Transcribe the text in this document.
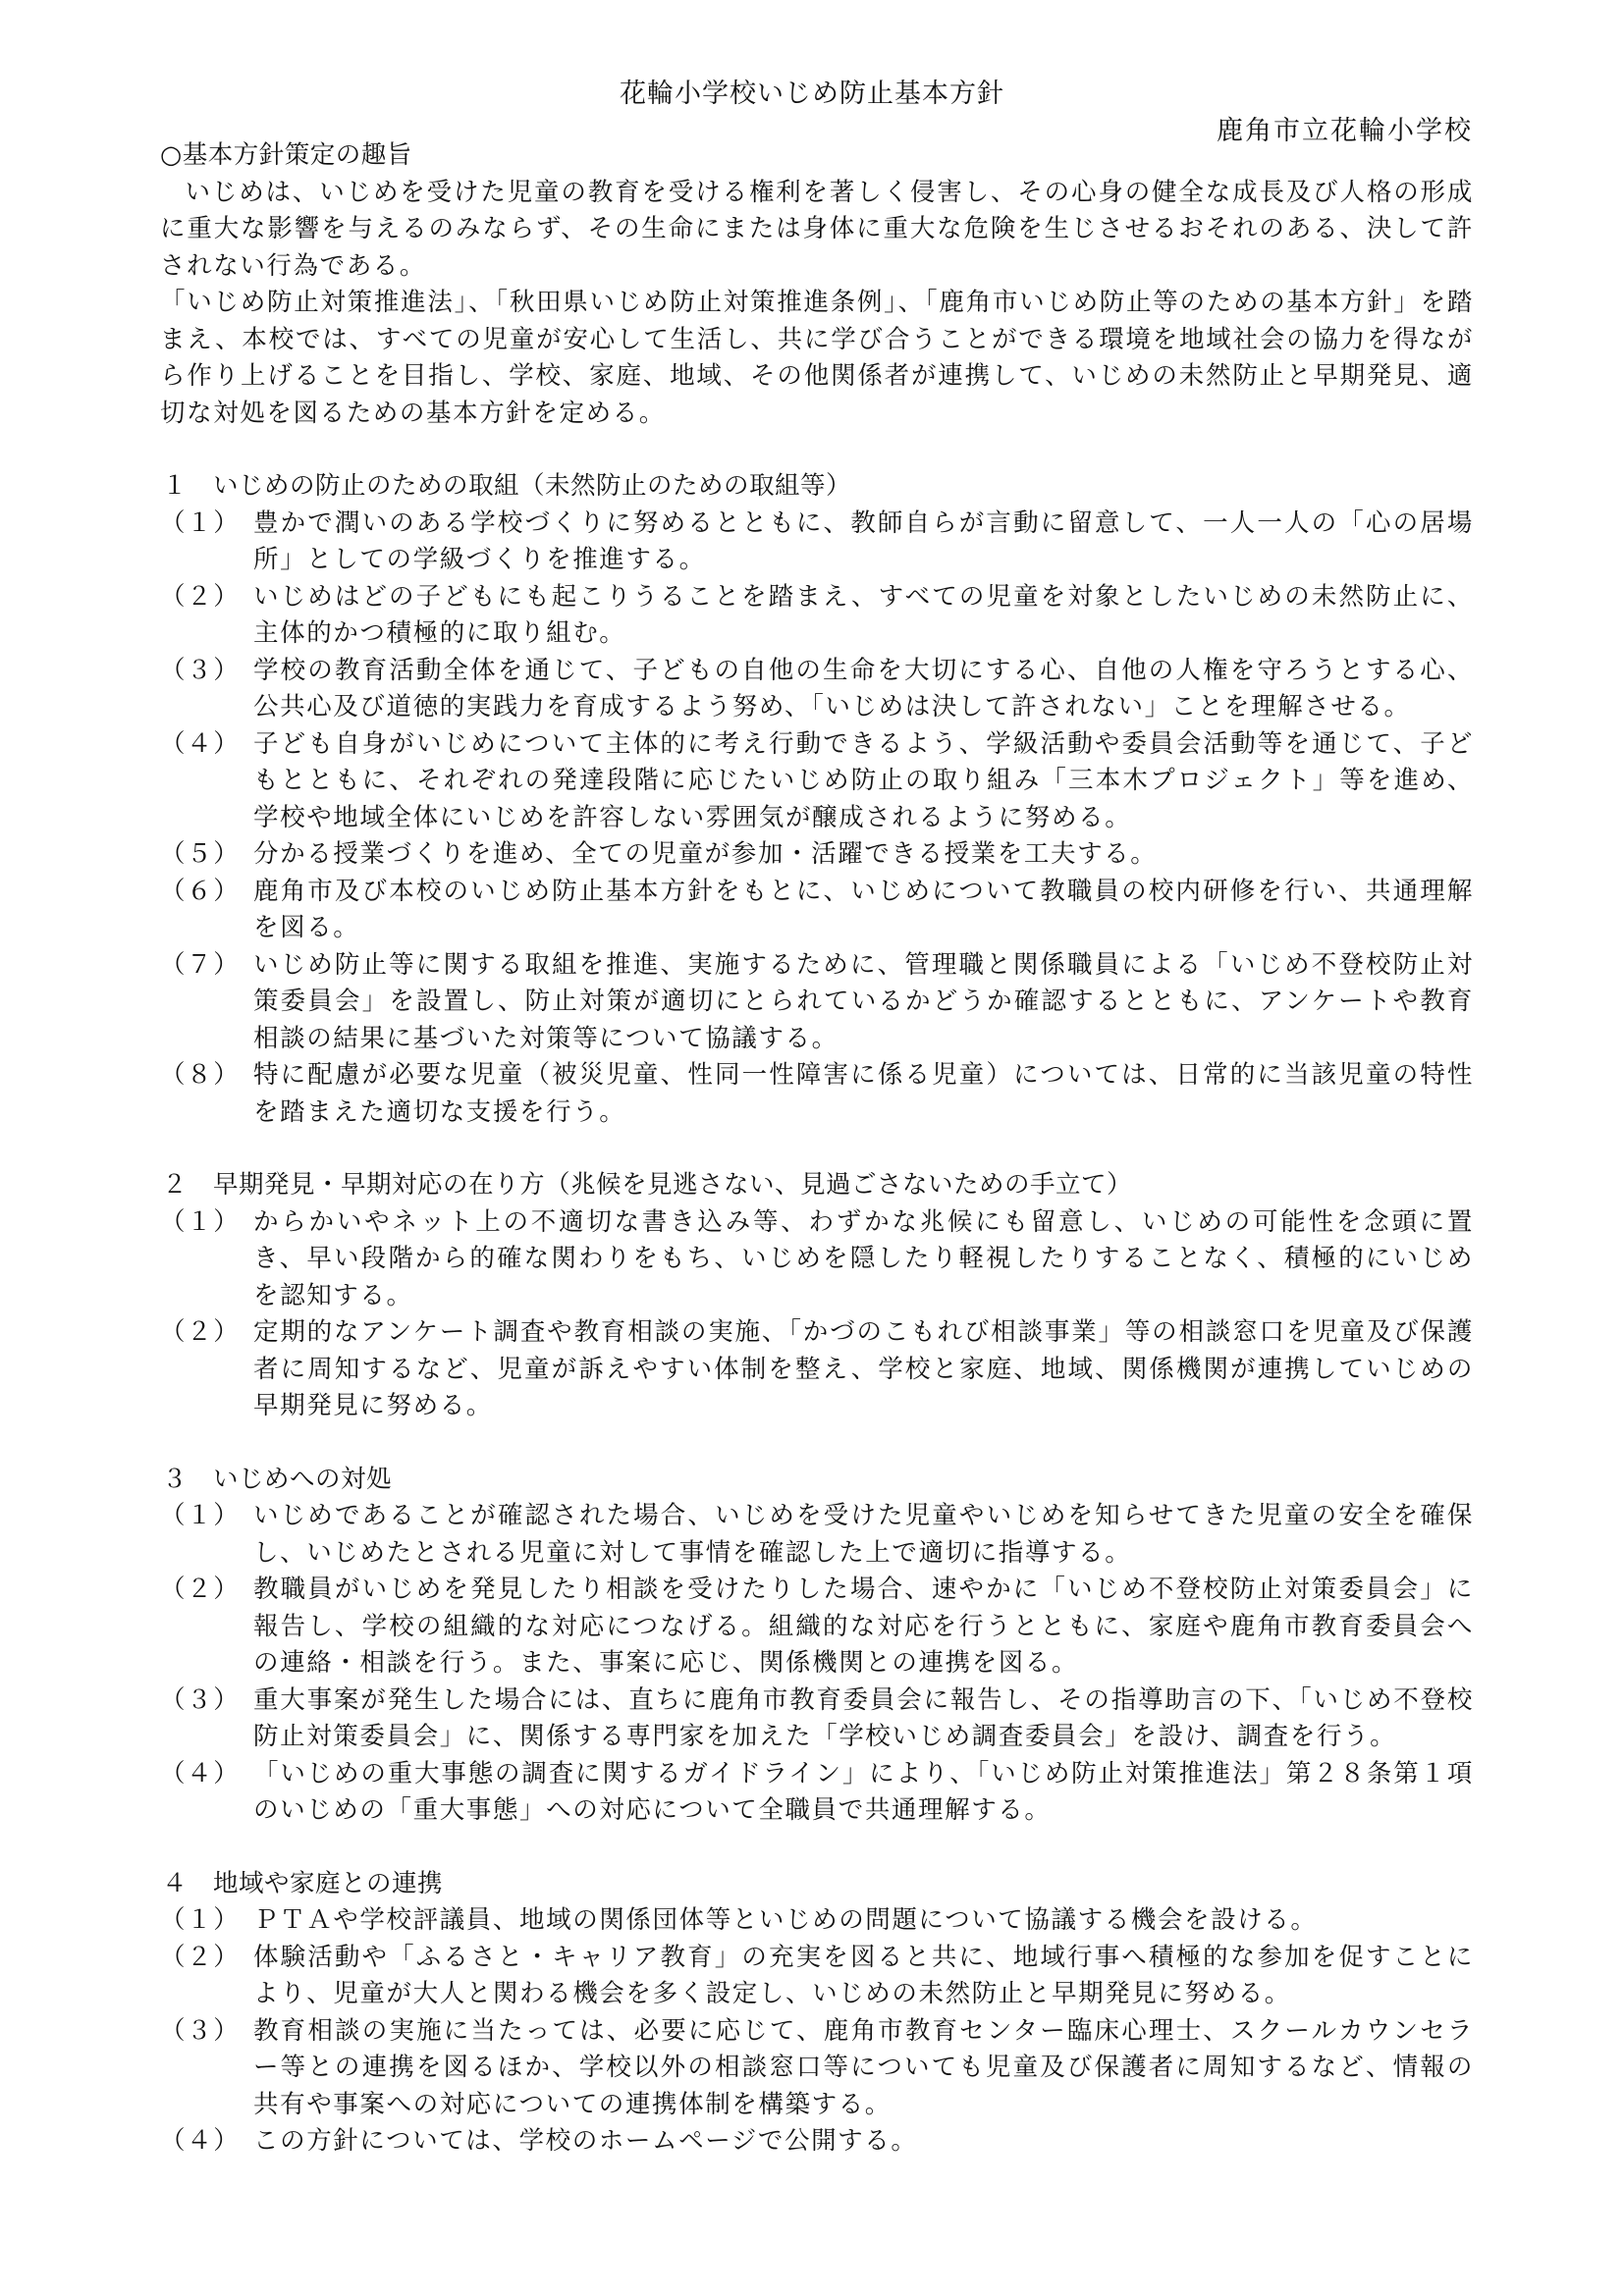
花輪小学校いじめ防止基本方針
鹿角市立花輪小学校

○基本方針策定の趣旨

いじめは、いじめを受けた児童の教育を受ける権利を著しく侵害し、その心身の健全な成長及び人格の形成に重大な影響を与えるのみならず、その生命にまたは身体に重大な危険を生じさせるおそれのある、決して許されない行為である。

「いじめ防止対策推進法」、「秋田県いじめ防止対策推進条例」、「鹿角市いじめ防止等のための基本方針」を踏まえ、本校では、すべての児童が安心して生活し、共に学び合うことができる環境を地域社会の協力を得ながら作り上げることを目指し、学校、家庭、地域、その他関係者が連携して、いじめの未然防止と早期発見、適切な対処を図るための基本方針を定める。

１　いじめの防止のための取組（未然防止のための取組等）

（１） 豊かで潤いのある学校づくりに努めるとともに、教師自らが言動に留意して、一人一人の「心の居場所」としての学級づくりを推進する。
（２） いじめはどの子どもにも起こりうることを踏まえ、すべての児童を対象としたいじめの未然防止に、主体的かつ積極的に取り組む。
（３） 学校の教育活動全体を通じて、子どもの自他の生命を大切にする心、自他の人権を守ろうとする心、公共心及び道徳的実践力を育成するよう努め、「いじめは決して許されない」ことを理解させる。
（４） 子ども自身がいじめについて主体的に考え行動できるよう、学級活動や委員会活動等を通じて、子どもとともに、それぞれの発達段階に応じたいじめ防止の取り組み「三本木プロジェクト」等を進め、学校や地域全体にいじめを許容しない雰囲気が醸成されるように努める。
（５） 分かる授業づくりを進め、全ての児童が参加・活躍できる授業を工夫する。
（６） 鹿角市及び本校のいじめ防止基本方針をもとに、いじめについて教職員の校内研修を行い、共通理解を図る。
（７） いじめ防止等に関する取組を推進、実施するために、管理職と関係職員による「いじめ不登校防止対策委員会」を設置し、防止対策が適切にとられているかどうか確認するとともに、アンケートや教育相談の結果に基づいた対策等について協議する。
（８） 特に配慮が必要な児童（被災児童、性同一性障害に係る児童）については、日常的に当該児童の特性を踏まえた適切な支援を行う。

２　早期発見・早期対応の在り方（兆候を見逃さない、見過ごさないための手立て）

（１） からかいやネット上の不適切な書き込み等、わずかな兆候にも留意し、いじめの可能性を念頭に置き、早い段階から的確な関わりをもち、いじめを隠したり軽視したりすることなく、積極的にいじめを認知する。
（２） 定期的なアンケート調査や教育相談の実施、「かづのこもれび相談事業」等の相談窓口を児童及び保護者に周知するなど、児童が訴えやすい体制を整え、学校と家庭、地域、関係機関が連携していじめの早期発見に努める。

３　いじめへの対処

（１） いじめであることが確認された場合、いじめを受けた児童やいじめを知らせてきた児童の安全を確保し、いじめたとされる児童に対して事情を確認した上で適切に指導する。
（２） 教職員がいじめを発見したり相談を受けたりした場合、速やかに「いじめ不登校防止対策委員会」に報告し、学校の組織的な対応につなげる。組織的な対応を行うとともに、家庭や鹿角市教育委員会への連絡・相談を行う。また、事案に応じ、関係機関との連携を図る。
（３） 重大事案が発生した場合には、直ちに鹿角市教育委員会に報告し、その指導助言の下、「いじめ不登校防止対策委員会」に、関係する専門家を加えた「学校いじめ調査委員会」を設け、調査を行う。
（４） 「いじめの重大事態の調査に関するガイドライン」により、「いじめ防止対策推進法」第２８条第１項のいじめの「重大事態」への対応について全職員で共通理解する。

４　地域や家庭との連携

（１） ＰＴＡや学校評議員、地域の関係団体等といじめの問題について協議する機会を設ける。
（２） 体験活動や「ふるさと・キャリア教育」の充実を図ると共に、地域行事へ積極的な参加を促すことにより、児童が大人と関わる機会を多く設定し、いじめの未然防止と早期発見に努める。
（３） 教育相談の実施に当たっては、必要に応じて、鹿角市教育センター臨床心理士、スクールカウンセラー等との連携を図るほか、学校以外の相談窓口等についても児童及び保護者に周知するなど、情報の共有や事案への対応についての連携体制を構築する。
（４） この方針については、学校のホームページで公開する。
